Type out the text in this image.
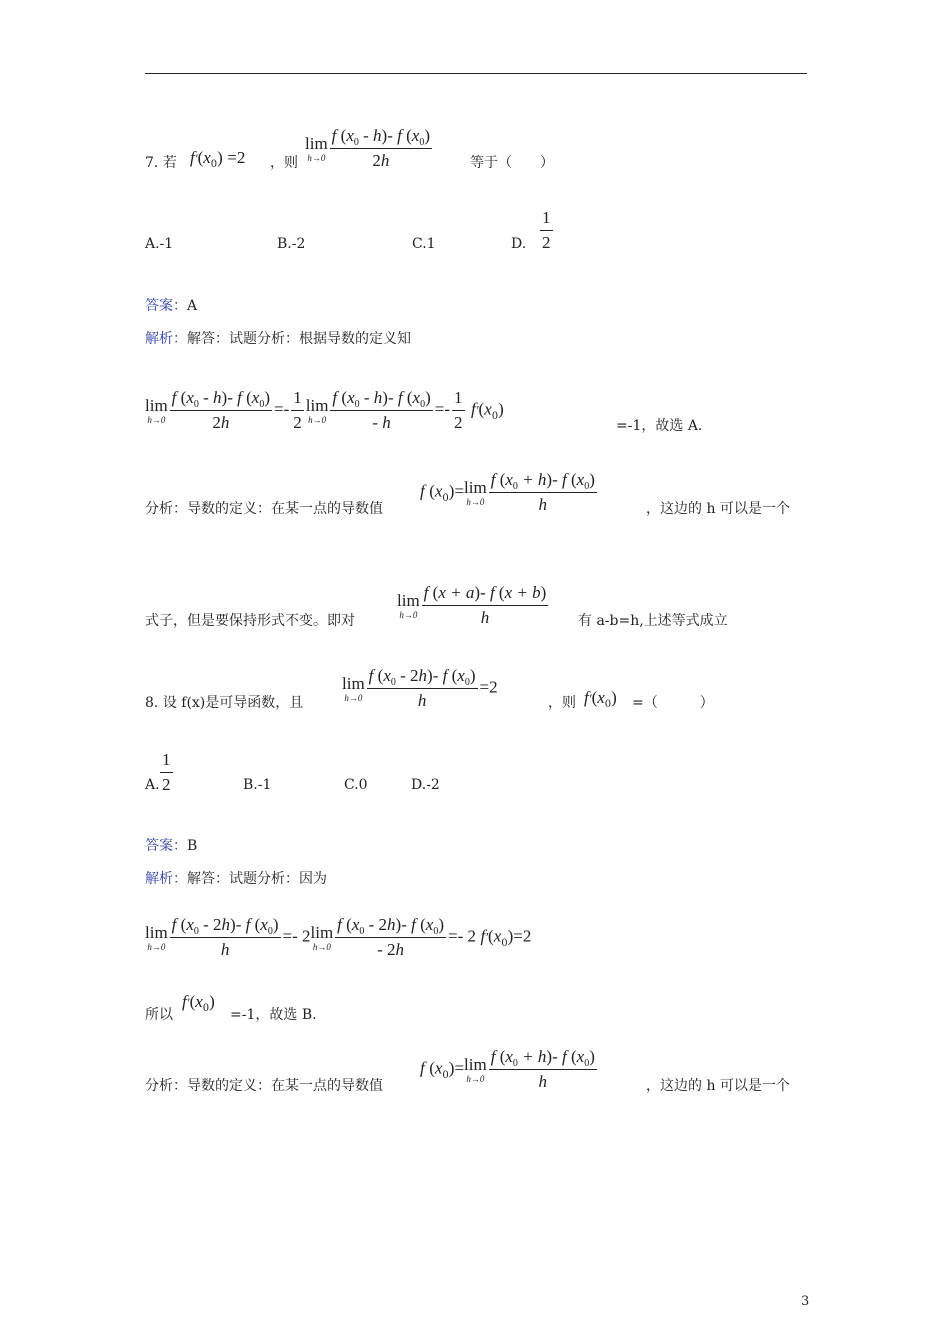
7. 若 $f'(x_0) =2$ ，则
lim
$h\to 0 \frac{f (x_0 - h)- f (x_0)}{2h}$	等于（　　）
A.-1	B.-2	C.1	D. $\frac{1}{2}$
答案：A
解析：解答：试题分析：根据导数的定义知
lim
$h\to 0 \frac{f (x_0 - h)- f (x_0)}{2h} =- \frac{1}{2}$ lim
$h\to 0 \frac{f (x_0 - h)- f (x_0)}{- h} =- \frac{1}{2} f'(x_0)$
=-1，故选 A.
分析：导数的定义：在某一点的导数值
f $(x_0)= \lim$
$h\to 0 \frac{f (x_0 + h)- f (x_0)}{h}$	，这边的 h 可以是一个
式子，但是要保持形式不变。即对
lim
$h\to 0 \frac{f (x + a)- f (x + b)}{h}$ 有 a-b=h,上述等式成立
8. 设 f(x)是可导函数，且
lim
$h\to 0 \frac{f (x_0 - 2h)- f (x_0)}{h} =2$
，则 $f'(x_0)$ =（　　　）
A. $\frac{1}{2}$	B.-1	C.0	D.-2
答案：B
解析：解答：试题分析：因为
lim
$h\to 0 \frac{f (x_0 - 2h)- f (x_0)}{h} =- 2$ lim
$h\to 0 \frac{f (x_0 - 2h)- f (x_0)}{- 2h} =- 2$ $f'(x_0)=2$
所以
$f'(x_0)$
=-1，故选 B.
分析：导数的定义：在某一点的导数值
f $(x_0)= \lim$
$h\to 0 \frac{f (x_0 + h)- f (x_0)}{h}$	，这边的 h 可以是一个
3
